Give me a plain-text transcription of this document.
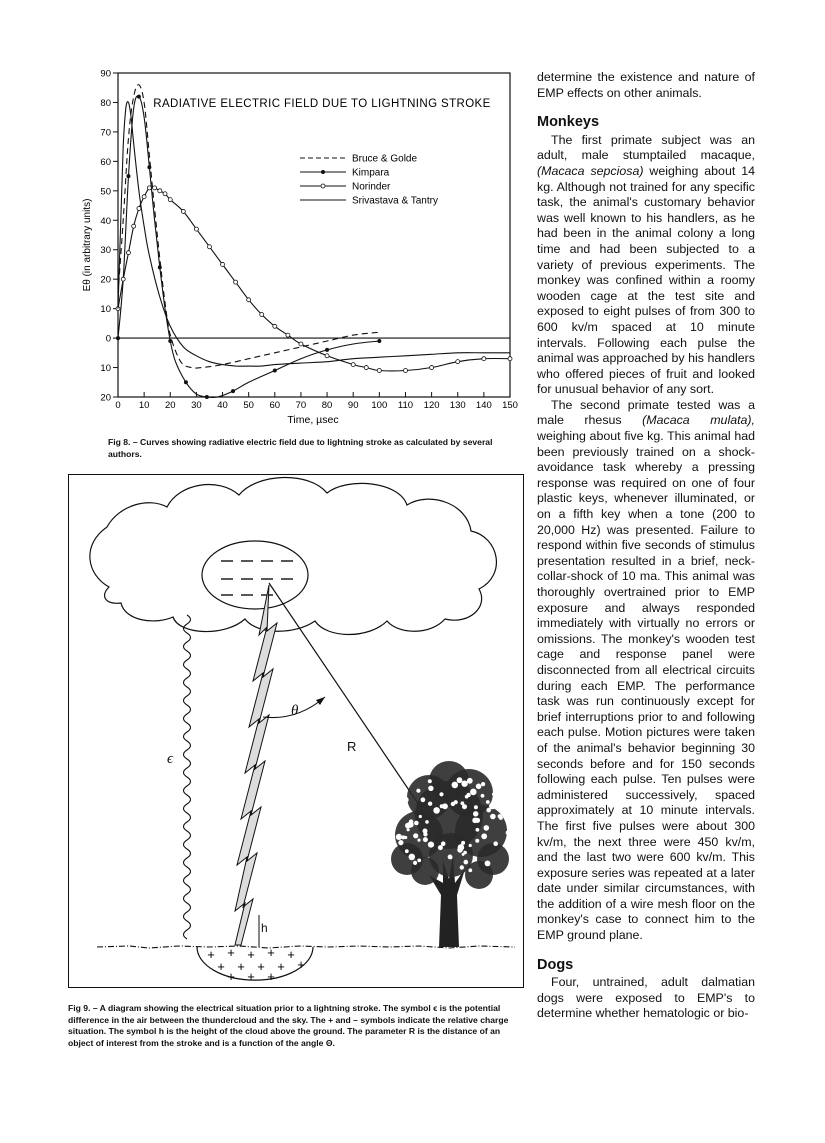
90
80
70
60
50
40
30
20
10
0
10
20
0 10 20 30 40 50 60 70 80 90 100 110 120 130 140 150
Bruce & Golde
Kimpara
Norinder
Srivastava & Tantry
RADIATIVE ELECTRIC FIELD DUE TO LIGHTNING STROKE
Time, µsec
Eθ (in arbitrary units)
Fig 8. – Curves showing radiative electric field due to lightning stroke as calculated by several authors.
+ + + + +
+ + + + +
+ + +
θ
R
ϵ
h
Fig 9. – A diagram showing the electrical situation prior to a lightning stroke. The symbol ϵ is the potential difference in the air between the thundercloud and the sky. The + and – symbols indicate the relative charge situation. The symbol h is the height of the cloud above the ground. The parameter R is the distance of an object of interest from the stroke and is a function of the angle Θ.

determine the existence and nature of EMP effects on other animals.

Monkeys

The first primate subject was an adult, male stumptailed macaque, (Macaca sepciosa) weighing about 14 kg. Although not trained for any specific task, the animal's customary behavior was well known to his handlers, as he had been in the animal colony a long time and had been subjected to a variety of previous experiments. The monkey was confined within a roomy wooden cage at the test site and exposed to eight pulses of from 300 to 600 kv/m spaced at 10 minute intervals. Following each pulse the animal was approached by his handlers who offered pieces of fruit and looked for unusual behavior of any sort.

The second primate tested was a male rhesus (Macaca mulata), weighing about five kg. This animal had been previously trained on a shock-avoidance task whereby a pressing response was required on one of four plastic keys, whenever illuminated, or on a fifth key when a tone (200 to 20,000 Hz) was presented. Failure to respond within five seconds of stimulus presentation resulted in a brief, neck-collar-shock of 10 ma. This animal was thoroughly overtrained prior to EMP exposure and always responded immediately with virtually no errors or omissions. The monkey's wooden test cage and response panel were disconnected from all electrical circuits during each EMP. The performance task was run continuously except for brief interruptions prior to and following each pulse. Motion pictures were taken of the animal's behavior beginning 30 seconds before and for 150 seconds following each pulse. Ten pulses were administered successively, spaced approximately at 10 minute intervals. The first five pulses were about 300 kv/m, the next three were 450 kv/m, and the last two were 600 kv/m. This exposure series was repeated at a later date under similar circumstances, with the addition of a wire mesh floor on the monkey's case to connect him to the EMP ground plane.

Dogs

Four, untrained, adult dalmatian dogs were exposed to EMP's to determine whether hematologic or bio-
